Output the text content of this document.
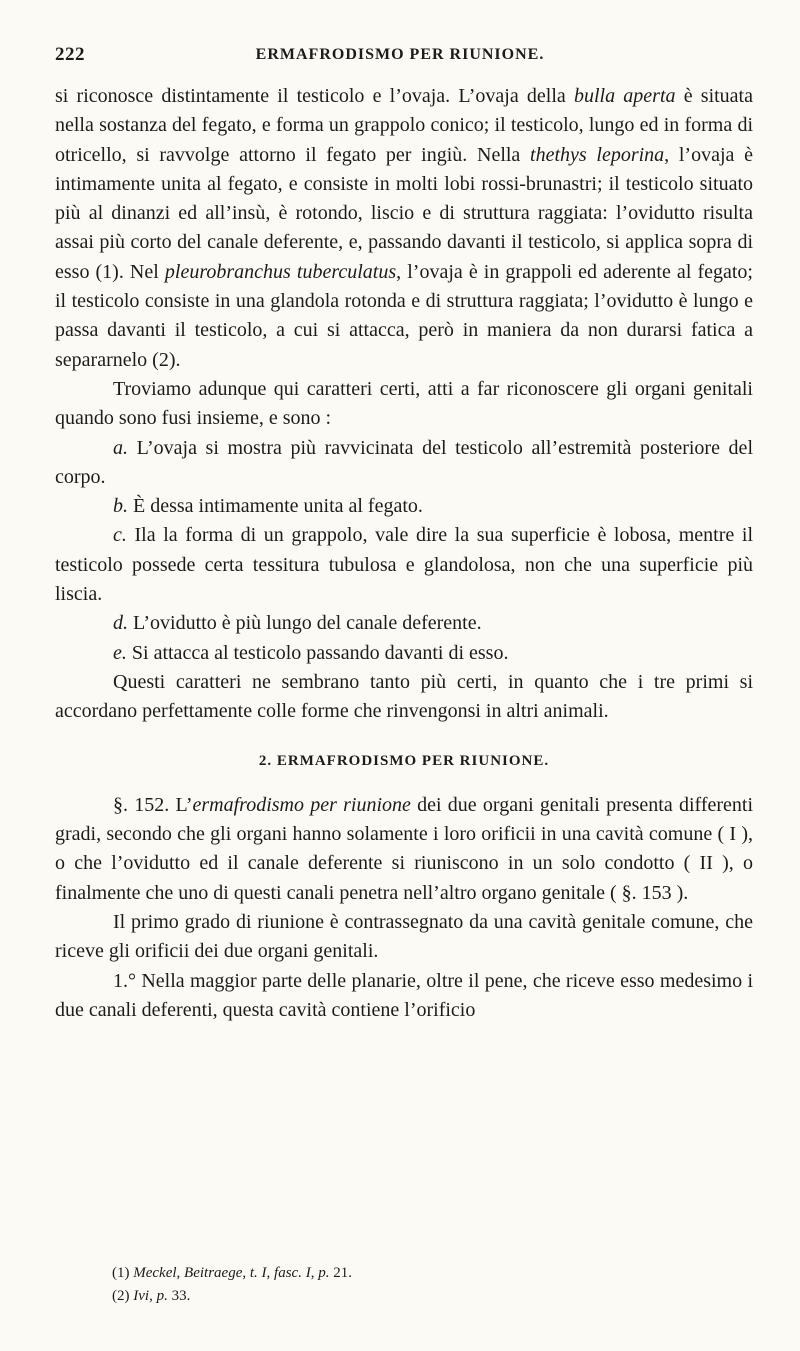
222	ERMAFRODISMO PER RIUNIONE.

si riconosce distintamente il testicolo e l’ovaja. L’ovaja della bulla aperta è situata nella sostanza del fegato, e forma un grappolo conico; il testicolo, lungo ed in forma di otricello, si ravvolge attorno il fegato per ingiù. Nella thethys leporina, l’ovaja è intimamente unita al fegato, e consiste in molti lobi rossi-brunastri; il testicolo situato più al dinanzi ed all’insù, è rotondo, liscio e di struttura raggiata: l’ovidutto risulta assai più corto del canale deferente, e, passando davanti il testicolo, si applica sopra di esso (1). Nel pleurobranchus tuberculatus, l’ovaja è in grappoli ed aderente al fegato; il testicolo consiste in una glandola rotonda e di struttura raggiata; l’ovidutto è lungo e passa davanti il testicolo, a cui si attacca, però in maniera da non durarsi fatica a separarnelo (2).

Troviamo adunque qui caratteri certi, atti a far riconoscere gli organi genitali quando sono fusi insieme, e sono :

a. L’ovaja si mostra più ravvicinata del testicolo all’estremità posteriore del corpo.

b. È dessa intimamente unita al fegato.

c. Ila la forma di un grappolo, vale dire la sua superficie è lobosa, mentre il testicolo possede certa tessitura tubulosa e glandolosa, non che una superficie più liscia.

d. L’ovidutto è più lungo del canale deferente.

e. Si attacca al testicolo passando davanti di esso.

Questi caratteri ne sembrano tanto più certi, in quanto che i tre primi si accordano perfettamente colle forme che rinvengonsi in altri animali.

2. ERMAFRODISMO PER RIUNIONE.

§. 152. L’ermafrodismo per riunione dei due organi genitali presenta differenti gradi, secondo che gli organi hanno solamente i loro orificii in una cavità comune ( I ), o che l’ovidutto ed il canale deferente si riuniscono in un solo condotto ( II ), o finalmente che uno di questi canali penetra nell’altro organo genitale ( §. 153 ).

Il primo grado di riunione è contrassegnato da una cavità genitale comune, che riceve gli orificii dei due organi genitali.

1.° Nella maggior parte delle planarie, oltre il pene, che riceve esso medesimo i due canali deferenti, questa cavità contiene l’orificio

(1) Meckel, Beitraege, t. I, fasc. I, p. 21.

(2) Ivi, p. 33.
